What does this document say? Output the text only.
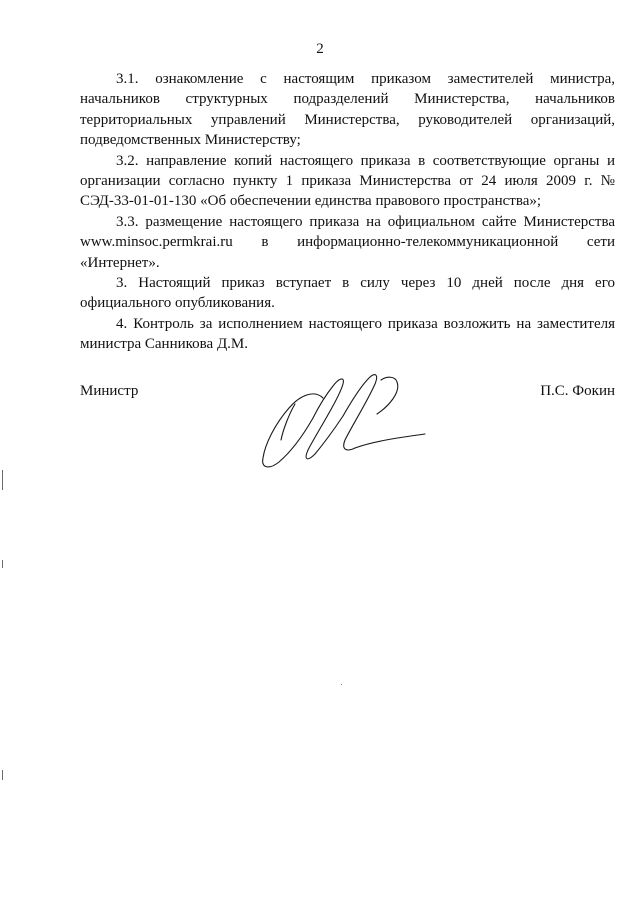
2

3.1. ознакомление с настоящим приказом заместителей министра, начальников структурных подразделений Министерства, начальников территориальных управлений Министерства, руководителей организаций, подведомственных Министерству;

3.2. направление копий настоящего приказа в соответствующие органы и организации согласно пункту 1 приказа Министерства от 24 июля 2009 г. № СЭД-33-01-01-130 «Об обеспечении единства правового пространства»;

3.3. размещение настоящего приказа на официальном сайте Министерства www.minsoc.permkrai.ru в информационно-телекоммуникационной сети «Интернет».

3. Настоящий приказ вступает в силу через 10 дней после дня его официального опубликования.

4. Контроль за исполнением настоящего приказа возложить на заместителя министра Санникова Д.М.

Министр	П.С. Фокин
